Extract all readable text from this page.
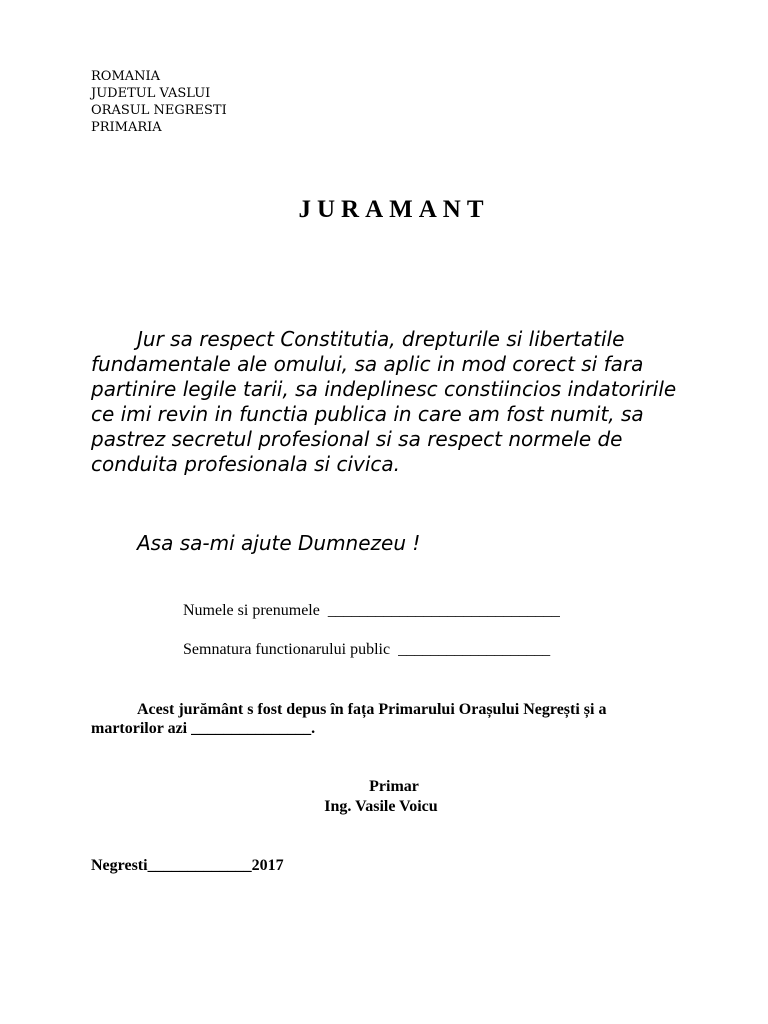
ROMANIA
JUDETUL VASLUI
ORASUL NEGRESTI
PRIMARIA
JURAMANT

Jur sa respect Constitutia, drepturile si libertatile fundamentale ale omului, sa aplic in mod corect si fara partinire legile tarii, sa indeplinesc constiincios indatoririle ce imi revin in functia publica in care am fost numit, sa pastrez secretul profesional si sa respect normele de conduita profesionala si civica.

Asa sa-mi ajute Dumnezeu !
Numele si prenumele _____________________________
Semnatura functionarului public ___________________

Acest jurământ s fost depus în fața Primarului Orașului Negrești și a martorilor azi _______________.

Primar
Ing. Vasile Voicu
Negresti_____________2017
